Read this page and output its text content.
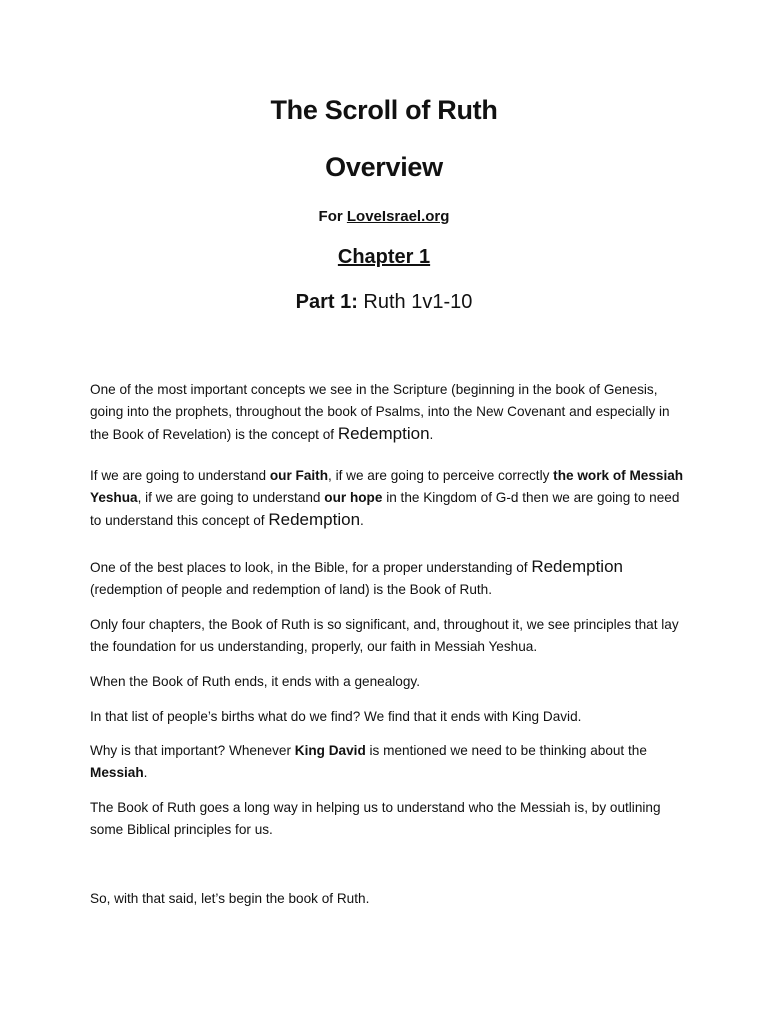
The Scroll of Ruth
Overview
For LoveIsrael.org
Chapter 1
Part 1: Ruth 1v1-10

One of the most important concepts we see in the Scripture (beginning in the book of Genesis, going into the prophets, throughout the book of Psalms, into the New Covenant and especially in the Book of Revelation) is the concept of Redemption.

If we are going to understand our Faith, if we are going to perceive correctly the work of Messiah Yeshua, if we are going to understand our hope in the Kingdom of G-d then we are going to need to understand this concept of Redemption.

One of the best places to look, in the Bible, for a proper understanding of Redemption (redemption of people and redemption of land) is the Book of Ruth.

Only four chapters, the Book of Ruth is so significant, and, throughout it, we see principles that lay the foundation for us understanding, properly, our faith in Messiah Yeshua.

When the Book of Ruth ends, it ends with a genealogy.

In that list of people’s births what do we find? We find that it ends with King David.

Why is that important? Whenever King David is mentioned we need to be thinking about the Messiah.

The Book of Ruth goes a long way in helping us to understand who the Messiah is, by outlining some Biblical principles for us.

So, with that said, let’s begin the book of Ruth.
